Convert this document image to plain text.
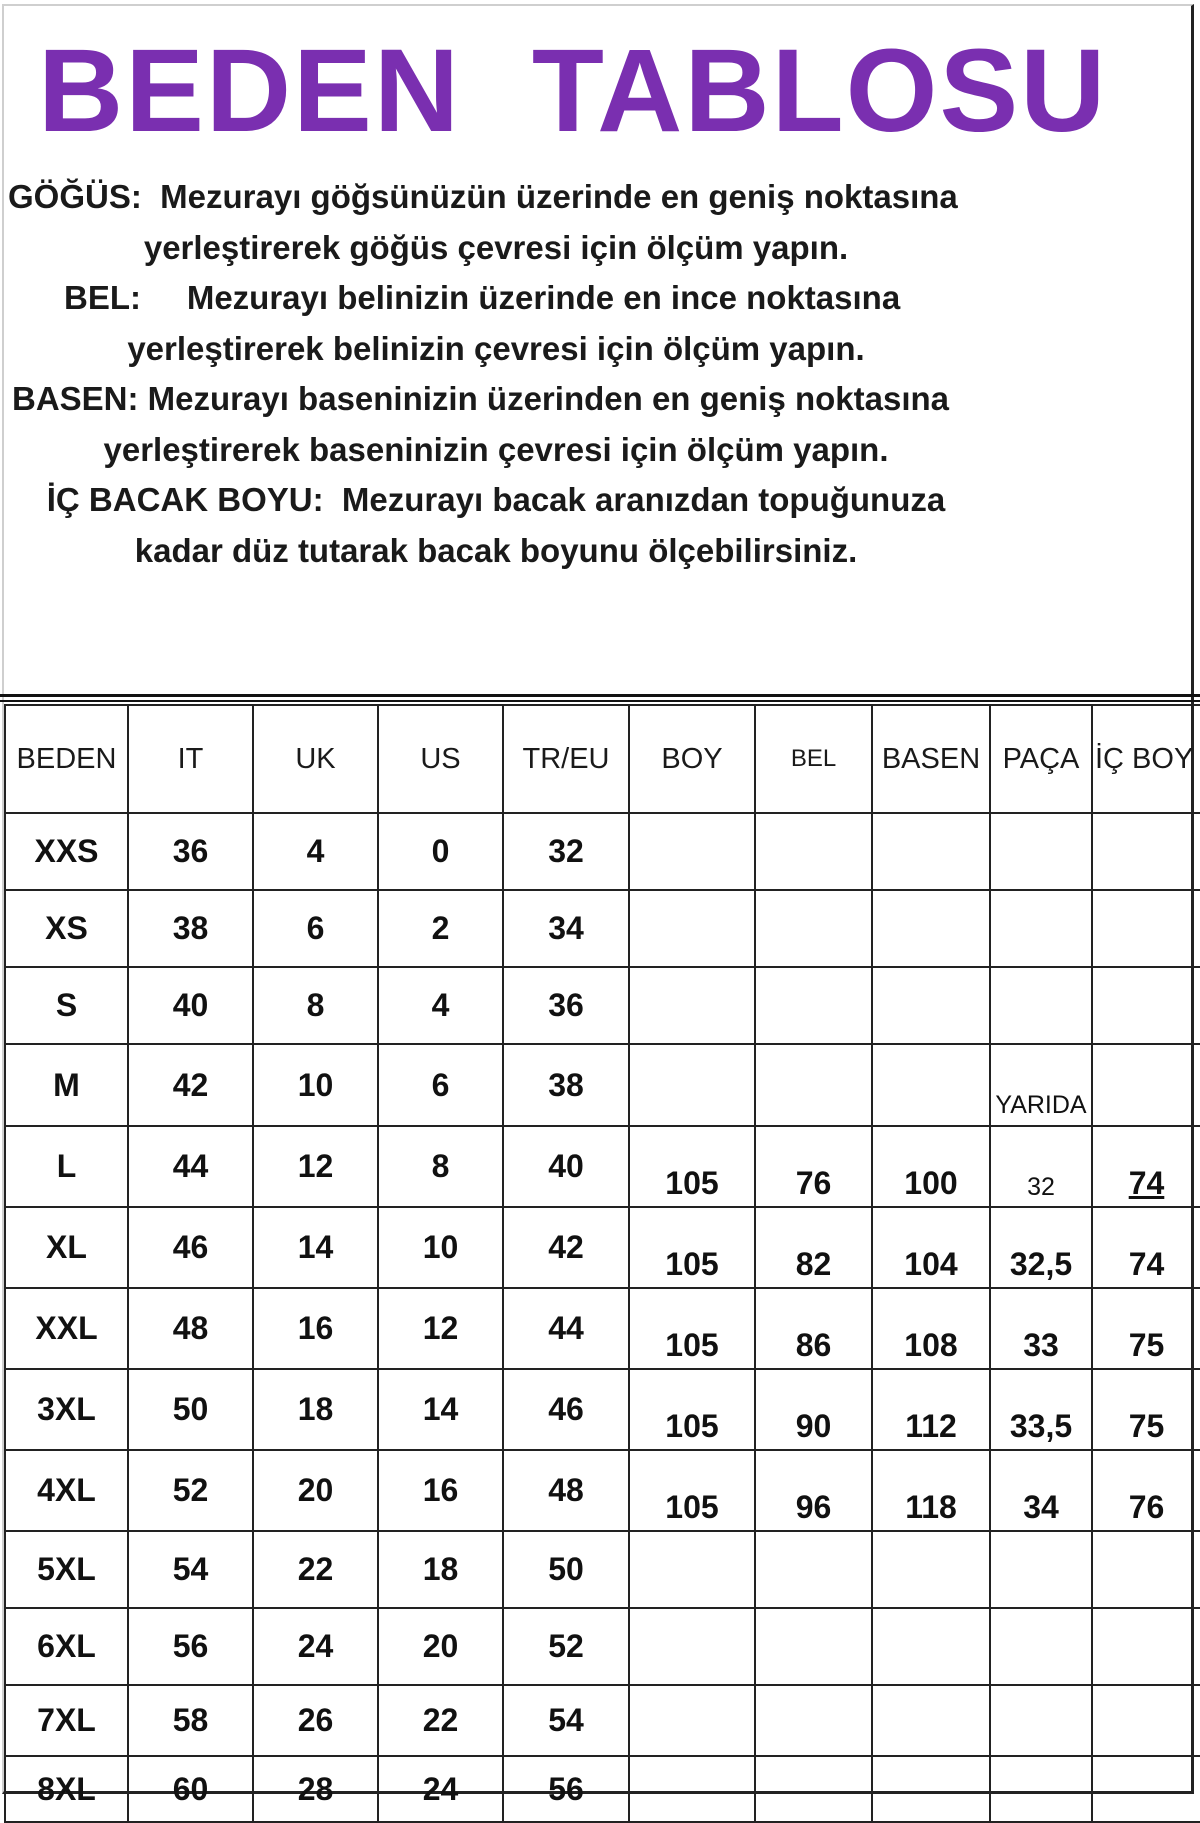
BEDEN TABLOSU
GÖĞÜS:  Mezurayı göğsünüzün üzerinde en geniş noktasına
yerleştirerek göğüs çevresi için ölçüm yapın.
BEL:     Mezurayı belinizin üzerinde en ince noktasına
yerleştirerek belinizin çevresi için ölçüm yapın.
BASEN: Mezurayı baseninizin üzerinden en geniş noktasına
yerleştirerek baseninizin çevresi için ölçüm yapın.
İÇ BACAK BOYU:  Mezurayı bacak aranızdan topuğunuza
kadar düz tutarak bacak boyunu ölçebilirsiniz.
BEDEN	IT	UK	US	TR/EU	BOY	BEL	BASEN	PAÇA	İÇ BOY
XXS	36	4	0	32					
XS	38	6	2	34					
S	40	8	4	36					
M	42	10	6	38				YARIDA	
L	44	12	8	40	105	76	100	32	74
XL	46	14	10	42	105	82	104	32,5	74
XXL	48	16	12	44	105	86	108	33	75
3XL	50	18	14	46	105	90	112	33,5	75
4XL	52	20	16	48	105	96	118	34	76
5XL	54	22	18	50					
6XL	56	24	20	52					
7XL	58	26	22	54					
8XL	60	28	24	56					
